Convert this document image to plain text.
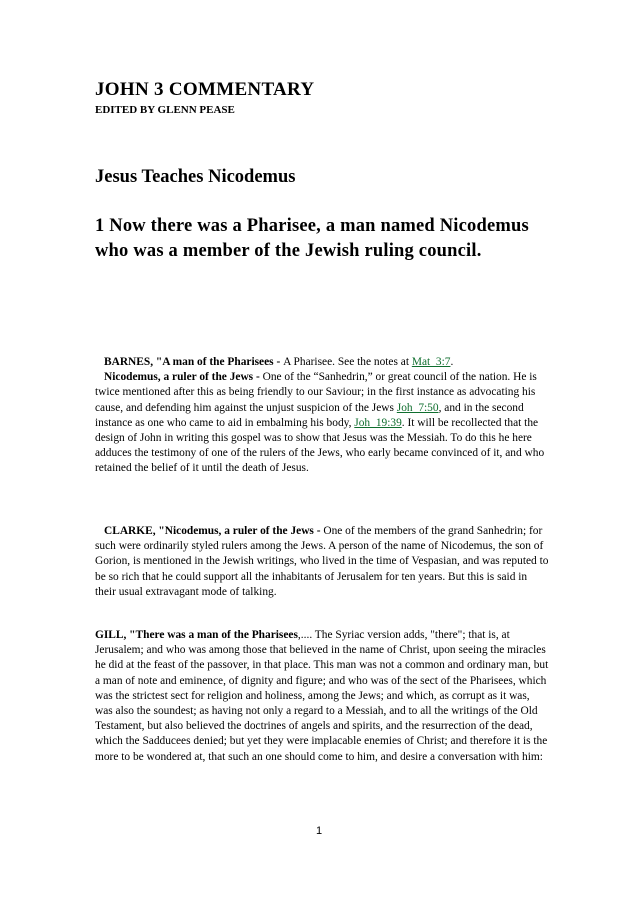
JOHN 3 COMMENTARY
EDITED BY GLENN PEASE
Jesus Teaches Nicodemus
1 Now there was a Pharisee, a man named Nicodemus who was a member of the Jewish ruling council.

BARNES, "A man of the Pharisees - A Pharisee. See the notes at Mat_3:7.
Nicodemus, a ruler of the Jews - One of the “Sanhedrin,” or great council of the nation. He is twice mentioned after this as being friendly to our Saviour; in the first instance as advocating his cause, and defending him against the unjust suspicion of the Jews Joh_7:50, and in the second instance as one who came to aid in embalming his body, Joh_19:39. It will be recollected that the design of John in writing this gospel was to show that Jesus was the Messiah. To do this he here adduces the testimony of one of the rulers of the Jews, who early became convinced of it, and who retained the belief of it until the death of Jesus.

CLARKE, "Nicodemus, a ruler of the Jews - One of the members of the grand Sanhedrin; for such were ordinarily styled rulers among the Jews. A person of the name of Nicodemus, the son of Gorion, is mentioned in the Jewish writings, who lived in the time of Vespasian, and was reputed to be so rich that he could support all the inhabitants of Jerusalem for ten years. But this is said in their usual extravagant mode of talking.

GILL, "There was a man of the Pharisees,.... The Syriac version adds, "there"; that is, at Jerusalem; and who was among those that believed in the name of Christ, upon seeing the miracles he did at the feast of the passover, in that place. This man was not a common and ordinary man, but a man of note and eminence, of dignity and figure; and who was of the sect of the Pharisees, which was the strictest sect for religion and holiness, among the Jews; and which, as corrupt as it was, was also the soundest; as having not only a regard to a Messiah, and to all the writings of the Old Testament, but also believed the doctrines of angels and spirits, and the resurrection of the dead, which the Sadducees denied; but yet they were implacable enemies of Christ; and therefore it is the more to be wondered at, that such an one should come to him, and desire a conversation with him:

1
